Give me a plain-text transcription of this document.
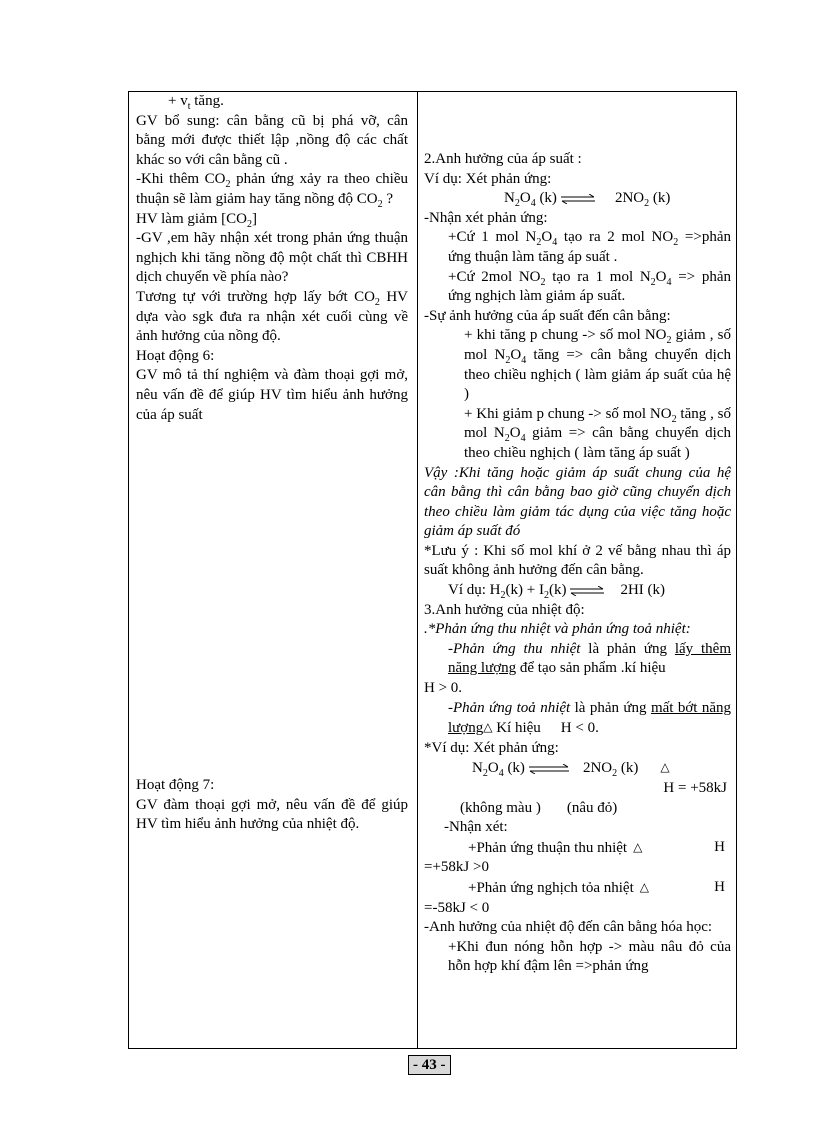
+ $v_t$ tăng.

GV bổ sung: cân bằng cũ bị phá vỡ, cân bằng mới được thiết lập ,nồng độ các chất khác so với cân bằng cũ .

-Khi thêm $CO_2$ phản ứng xảy ra theo chiều thuận sẽ làm giảm hay tăng nồng độ $CO_2$ ?

HV làm giảm $[CO_2]$

-GV ,em hãy nhận xét trong phản ứng thuận nghịch khi tăng nồng độ một chất thì CBHH dịch chuyển về phía nào?

Tương tự với trường hợp lấy bớt $CO_2$ HV dựa vào sgk đưa ra nhận xét cuối cùng về ảnh hưởng của nồng độ.

Hoạt động 6:

GV mô tả thí nghiệm và đàm thoại gợi mở, nêu vấn đề để giúp HV tìm hiểu ảnh hưởng của áp suất

Hoạt động 7:

GV đàm thoại gợi mở, nêu vấn đề để giúp HV tìm hiểu ảnh hưởng của nhiệt độ.

2.Anh hưởng của áp suất :

Ví dụ: Xét phản ứng:

$N_2O_4$ (k) ⇌ $2NO_2$ (k)

-Nhận xét phản ứng:

+Cứ 1 mol $N_2O_4$ tạo ra 2 mol $NO_2$ =>phản ứng thuận làm tăng áp suất .

+Cứ 2mol $NO_2$ tạo ra 1 mol $N_2O_4$ => phản ứng nghịch làm giảm áp suất.

-Sự ảnh hưởng của áp suất đến cân bằng:

+ khi tăng p chung -> số mol $NO_2$ giảm , số mol $N_2O_4$ tăng => cân bằng chuyển dịch theo chiều nghịch ( làm giảm áp suất của hệ )

+ Khi giảm p chung -> số mol $NO_2$ tăng , số mol $N_2O_4$ giảm => cân bằng chuyển dịch theo chiều nghịch ( làm tăng áp suất )

Vậy :Khi tăng hoặc giảm áp suất chung của hệ cân bằng thì cân bằng bao giờ cũng chuyển dịch theo chiều làm giảm tác dụng của việc tăng hoặc giảm áp suất đó

*Lưu ý : Khi số mol khí ở 2 vế bằng nhau thì áp suất không ảnh hưởng đến cân bằng.

Ví dụ: $H_2(k) + I_2(k)$ ⇌ 2HI (k)

3.Anh hưởng của nhiệt độ:

.*Phản ứng thu nhiệt và phản ứng toả nhiệt:

-Phản ứng thu nhiệt là phản ứng lấy thêm năng lượng để tạo sản phẩm .kí hiệu

H > 0.

-Phản ứng toả nhiệt là phản ứng mất bớt năng lượng△ Kí hiệu H < 0.

*Ví dụ: Xét phản ứng:

$N_2O_4$ (k) ⇌ $2NO_2$ (k) △

H = +58kJ

(không màu ) (nâu đỏ)

-Nhận xét:

+Phản ứng thuận thu nhiệt △	H

=+58kJ >0

+Phản ứng nghịch tỏa nhiệt △	H

=-58kJ < 0

-Anh hưởng của nhiệt độ đến cân bằng hóa học:

+Khi đun nóng hỗn hợp -> màu nâu đỏ của hỗn hợp khí đậm lên =>phản ứng

- 43 -
